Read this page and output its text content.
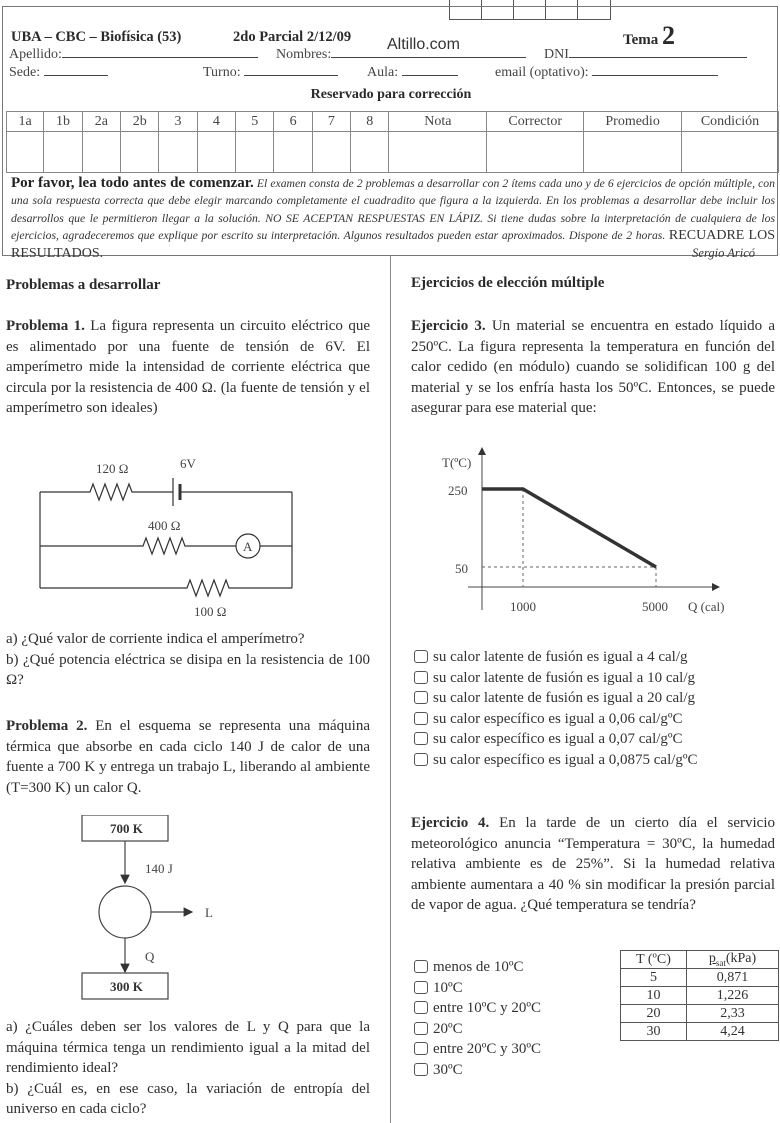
UBA – CBC – Biofísica (53)	2do Parcial 2/12/09	Tema 2
Apellido:	Nombres:
Altillo.com
DNI
Sede:	Turno:	Aula:	email (optativo):
Reservado para corrección
1a	1b	2a	2b	3	4	5	6	7	8	Nota	Corrector	Promedio	Condición

Por favor, lea todo antes de comenzar. El examen consta de 2 problemas a desarrollar con 2 ítems cada uno y de 6 ejercicios de opción múltiple, con una sola respuesta correcta que debe elegir marcando completamente el cuadradito que figura a la izquierda. En los problemas a desarrollar debe incluir los desarrollos que le permitieron llegar a la solución. NO SE ACEPTAN RESPUESTAS EN LÁPIZ. Si tiene dudas sobre la interpretación de cualquiera de los ejercicios, agradeceremos que explique por escrito su interpretación. Algunos resultados pueden estar aproximados. Dispone de 2 horas. RECUADRE LOS RESULTADOS.	Sergio Aricó
Problemas a desarrollar
Problema 1. La figura representa un circuito eléctrico que es alimentado por una fuente de tensión de 6V. El amperímetro mide la intensidad de corriente eléctrica que circula por la resistencia de 400 Ω. (la fuente de tensión y el amperímetro son ideales)
120 Ω	6V
400 Ω
A
100 Ω
a) ¿Qué valor de corriente indica el amperímetro?
b) ¿Qué potencia eléctrica se disipa en la resistencia de 100 Ω?
Problema 2. En el esquema se representa una máquina térmica que absorbe en cada ciclo 140 J de calor de una fuente a 700 K y entrega un trabajo L, liberando al ambiente (T=300 K) un calor Q.
700 K
140 J
L
Q
300 K
a) ¿Cuáles deben ser los valores de L y Q para que la máquina térmica tenga un rendimiento igual a la mitad del rendimiento ideal?
b) ¿Cuál es, en ese caso, la variación de entropía del universo en cada ciclo?
Ejercicios de elección múltiple
Ejercicio 3. Un material se encuentra en estado líquido a 250ºC. La figura representa la temperatura en función del calor cedido (en módulo) cuando se solidifican 100 g del material y se los enfría hasta los 50ºC. Entonces, se puede asegurar para ese material que:
T(ºC)
250
50
1000	5000 Q (cal)
su calor latente de fusión es igual a 4 cal/g
su calor latente de fusión es igual a 10 cal/g
su calor latente de fusión es igual a 20 cal/g
su calor específico es igual a 0,06 cal/gºC
su calor específico es igual a 0,07 cal/gºC
su calor específico es igual a 0,0875 cal/gºC
Ejercicio 4. En la tarde de un cierto día el servicio meteorológico anuncia “Temperatura = 30ºC, la humedad relativa ambiente es de 25%”. Si la humedad relativa ambiente aumentara a 40 % sin modificar la presión parcial de vapor de agua. ¿Qué temperatura se tendría?
menos de 10ºC
10ºC
entre 10ºC y 20ºC
20ºC
entre 20ºC y 30ºC
30ºC
T (ºC)	$p_{sat}(kPa)$
5	0,871
10	1,226
20	2,33
30	4,24
